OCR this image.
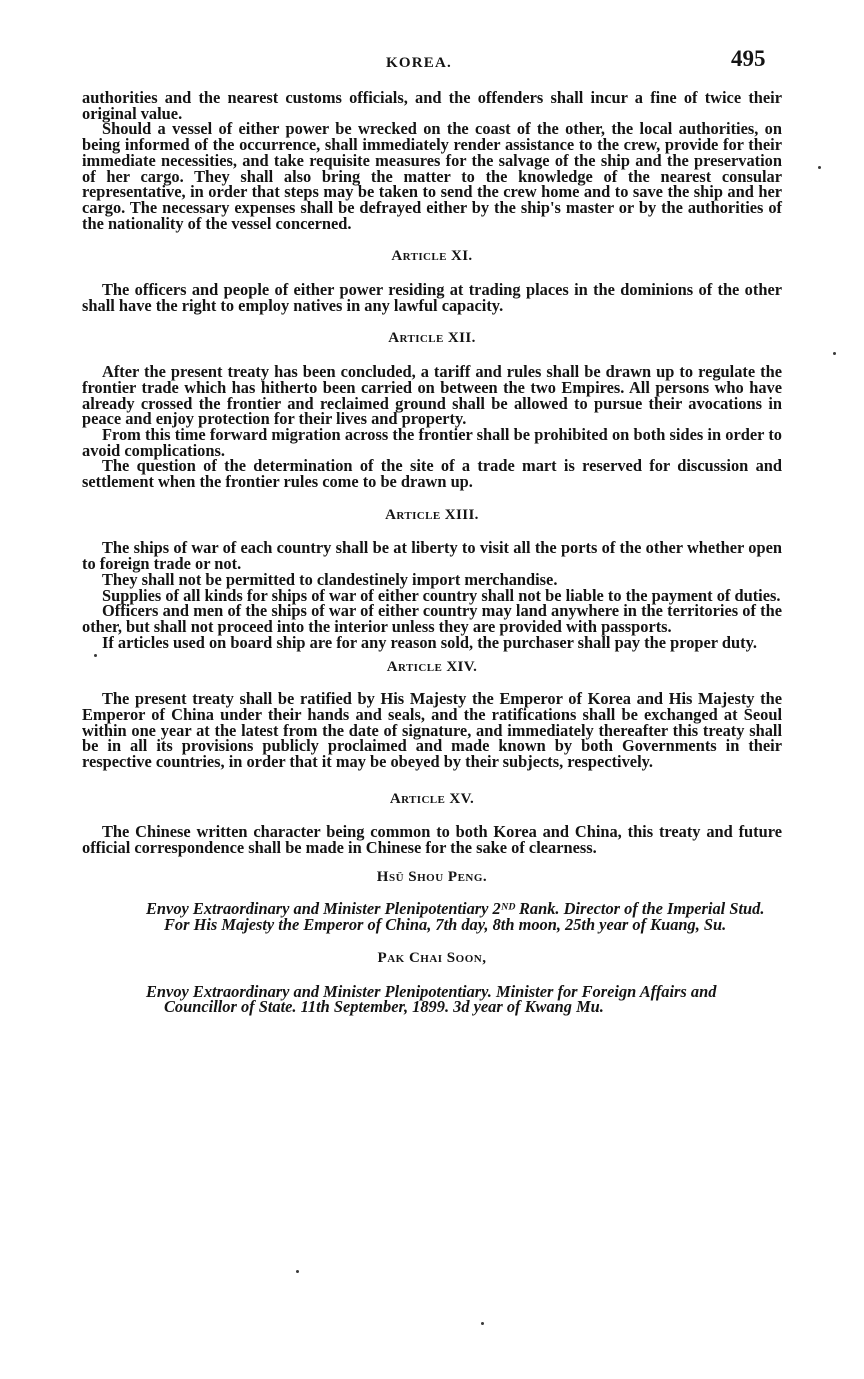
KOREA.	495

authorities and the nearest customs officials, and the offenders shall incur a fine of twice their original value.

Should a vessel of either power be wrecked on the coast of the other, the local authorities, on being informed of the occurrence, shall immediately render assistance to the crew, provide for their immediate necessities, and take requisite measures for the salvage of the ship and the preservation of her cargo. They shall also bring the matter to the knowledge of the nearest consular representative, in order that steps may be taken to send the crew home and to save the ship and her cargo. The necessary expenses shall be defrayed either by the ship's master or by the authorities of the nationality of the vessel concerned.

Article XI.

The officers and people of either power residing at trading places in the dominions of the other shall have the right to employ natives in any lawful capacity.

Article XII.

After the present treaty has been concluded, a tariff and rules shall be drawn up to regulate the frontier trade which has hitherto been carried on between the two Empires. All persons who have already crossed the frontier and reclaimed ground shall be allowed to pursue their avocations in peace and enjoy protection for their lives and property.

From this time forward migration across the frontier shall be prohibited on both sides in order to avoid complications.

The question of the determination of the site of a trade mart is reserved for discussion and settlement when the frontier rules come to be drawn up.

Article XIII.

The ships of war of each country shall be at liberty to visit all the ports of the other whether open to foreign trade or not.

They shall not be permitted to clandestinely import merchandise.

Supplies of all kinds for ships of war of either country shall not be liable to the payment of duties.

Officers and men of the ships of war of either country may land anywhere in the territories of the other, but shall not proceed into the interior unless they are provided with passports.

If articles used on board ship are for any reason sold, the purchaser shall pay the proper duty.

Article XIV.

The present treaty shall be ratified by His Majesty the Emperor of Korea and His Majesty the Emperor of China under their hands and seals, and the ratifications shall be exchanged at Seoul within one year at the latest from the date of signature, and immediately thereafter this treaty shall be in all its provisions publicly proclaimed and made known by both Governments in their respective countries, in order that it may be obeyed by their subjects, respectively.

Article XV.

The Chinese written character being common to both Korea and China, this treaty and future official correspondence shall be made in Chinese for the sake of clearness.

Hsü Shou Peng.

Envoy Extraordinary and Minister Plenipotentiary 2ᴺᴰ Rank. Director of the Imperial Stud. For His Majesty the Emperor of China, 7th day, 8th moon, 25th year of Kuang, Su.

Pak Chai Soon,

Envoy Extraordinary and Minister Plenipotentiary. Minister for Foreign Affairs and Councillor of State. 11th September, 1899. 3d year of Kwang Mu.
